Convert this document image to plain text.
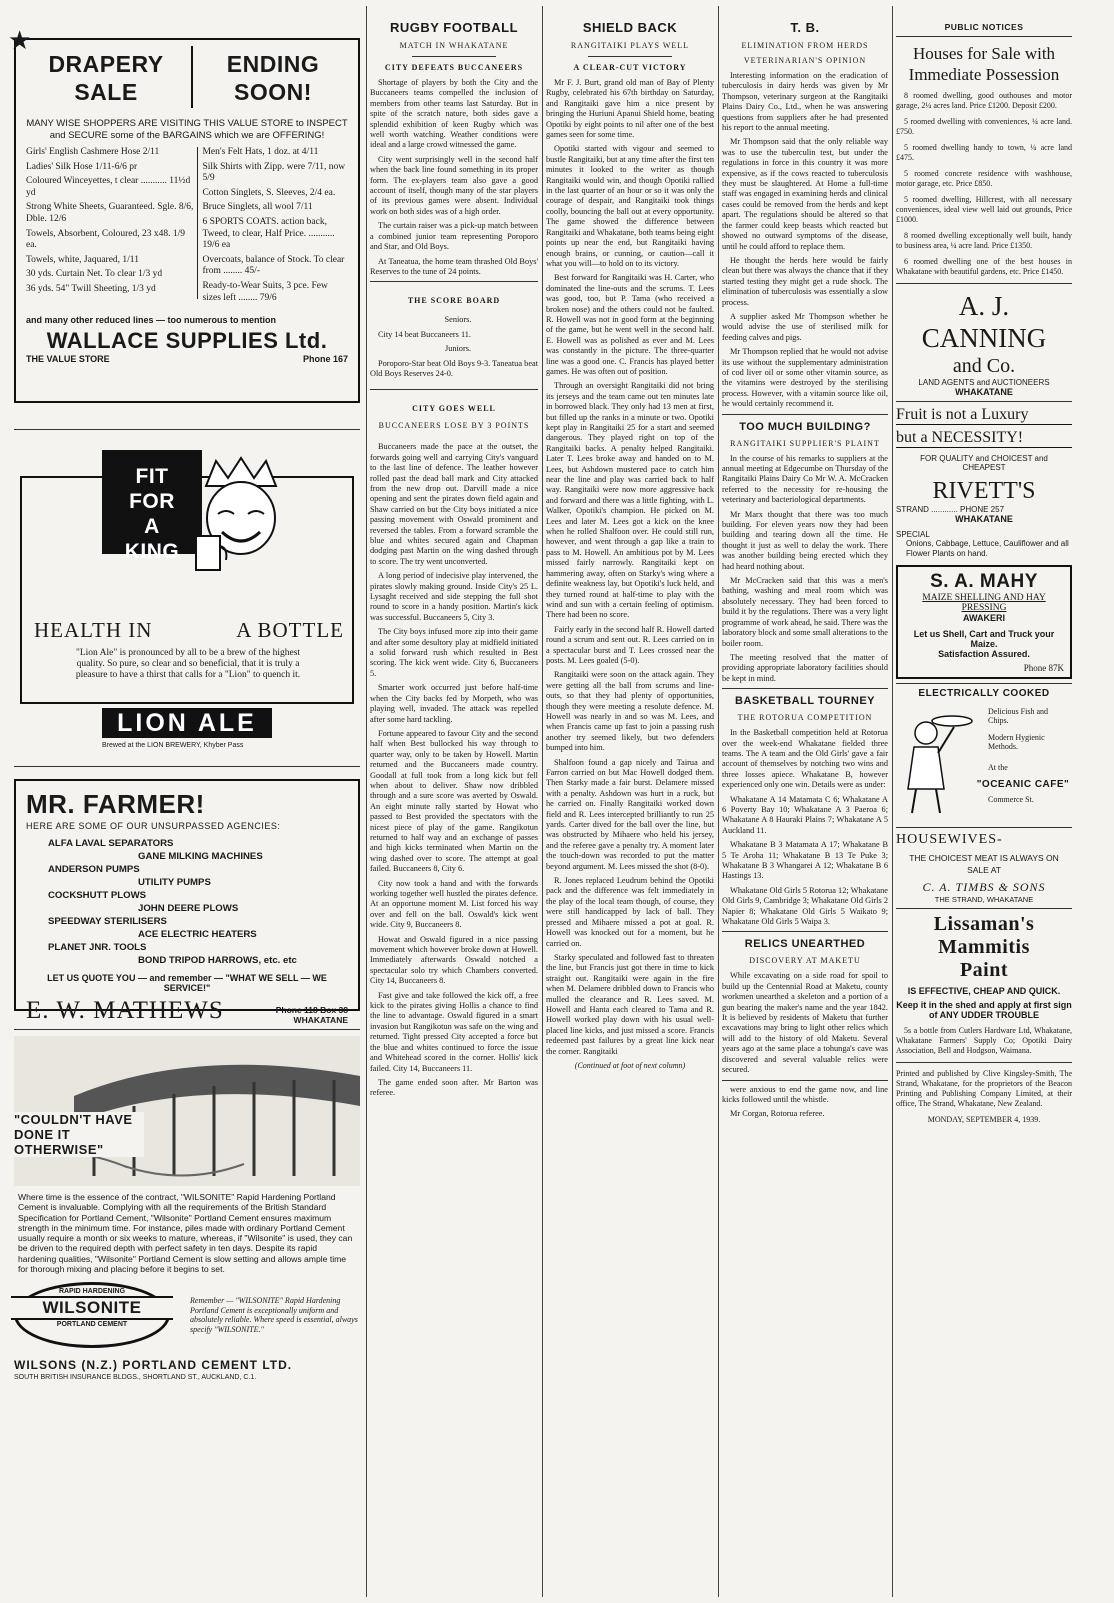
★
DRAPERY SALE
ENDING SOON!
MANY WISE SHOPPERS ARE VISITING THIS VALUE STORE to INSPECT and SECURE some of the BARGAINS which we are OFFERING!
Girls' English Cashmere Hose 2/11
Ladies' Silk Hose 1/11-6/6 pr
Coloured Winceyettes, t clear ........... 11½d yd
Strong White Sheets, Guaranteed. Sgle. 8/6, Dble. 12/6
Towels, Absorbent, Coloured, 23 x48. 1/9 ea.
Towels, white, Jaquared, 1/11
30 yds. Curtain Net. To clear 1/3 yd
36 yds. 54" Twill Sheeting, 1/3 yd
Men's Felt Hats, 1 doz. at 4/11
Silk Shirts with Zipp. were 7/11, now 5/9
Cotton Singlets, S. Sleeves, 2/4 ea.
Bruce Singlets, all wool 7/11
6 SPORTS COATS. action back, Tweed, to clear, Half Price. ........... 19/6 ea
Overcoats, balance of Stock. To clear from ........ 45/-
Ready-to-Wear Suits, 3 pce. Few sizes left ........ 79/6
and many other reduced lines — too numerous to mention
WALLACE SUPPLIES Ltd.
THE VALUE STORE	Phone 167
FIT FOR A KING
HEALTH IN	A BOTTLE
"Lion Ale" is pronounced by all to be a brew of the highest quality. So pure, so clear and so beneficial, that it is truly a pleasure to have a thirst that calls for a "Lion" to quench it.
LION ALE
Brewed at the LION BREWERY, Khyber Pass
MR. FARMER!
HERE ARE SOME OF OUR UNSURPASSED AGENCIES:
ALFA LAVAL SEPARATORS
GANE MILKING MACHINES
ANDERSON PUMPS
UTILITY PUMPS
COCKSHUTT PLOWS
JOHN DEERE PLOWS
SPEEDWAY STERILISERS
ACE ELECTRIC HEATERS
PLANET JNR. TOOLS
BOND TRIPOD HARROWS, etc. etc
LET US QUOTE YOU — and remember — "WHAT WE SELL — WE SERVICE!"
E. W. MATHEWS	Phone 118 Box 38
WHAKATANE
"COULDN'T HAVE DONE IT OTHERWISE"
Where time is the essence of the contract, "WILSONITE" Rapid Hardening Portland Cement is invaluable. Complying with all the requirements of the British Standard Specification for Portland Cement, "Wilsonite" Portland Cement ensures maximum strength in the minimum time. For instance, piles made with ordinary Portland Cement usually require a month or six weeks to mature, whereas, if "Wilsonite" is used, they can be driven to the required depth with perfect safety in ten days. Despite its rapid hardening qualities, "Wilsonite" Portland Cement is slow setting and allows ample time for thorough mixing and placing before it begins to set.
RAPID HARDENING
WILSONITE
PORTLAND CEMENT
Remember — "WILSONITE" Rapid Hardening Portland Cement is exceptionally uniform and absolutely reliable. Where speed is essential, always specify "WILSONITE."
WILSONS (N.Z.) PORTLAND CEMENT LTD.
SOUTH BRITISH INSURANCE BLDGS., SHORTLAND ST., AUCKLAND, C.1.
RUGBY FOOTBALL
MATCH IN WHAKATANE
CITY DEFEATS BUCCANEERS

Shortage of players by both the City and the Buccaneers teams compelled the inclusion of members from other teams last Saturday. But in spite of the scratch nature, both sides gave a splendid exhibition of keen Rugby which was well worth watching. Weather conditions were ideal and a large crowd witnessed the game.

City went surprisingly well in the second half when the back line found something in its proper form. The ex-players team also gave a good account of itself, though many of the star players of its previous games were absent. Individual work on both sides was of a high order.

The curtain raiser was a pick-up match between a combined junior team representing Poroporo and Star, and Old Boys.

At Taneatua, the home team thrashed Old Boys' Reserves to the tune of 24 points.

THE SCORE BOARD

Seniors.

City 14 beat Buccaneers 11.

Juniors.

Poroporo-Star beat Old Boys 9-3. Taneatua beat Old Boys Reserves 24-0.

CITY GOES WELL
BUCCANEERS LOSE BY 3 POINTS

Buccaneers made the pace at the outset, the forwards going well and carrying City's vanguard to the last line of defence. The leather however rolled past the dead ball mark and City attacked from the new drop out. Darvill made a nice opening and sent the pirates down field again and Shaw carried on but the City boys initiated a nice passing movement with Oswald prominent and reversed the tables. From a forward scramble the blue and whites secured again and Chapman dodging past Martin on the wing dashed through to score. The try went unconverted.

A long period of indecisive play intervened, the pirates slowly making ground. Inside City's 25 L. Lysaght received and side stepping the full shot round to score in a handy position. Martin's kick was successful. Buccaneers 5, City 3.

The City boys infused more zip into their game and after some desultory play at midfield initiated a solid forward rush which resulted in Best scoring. The kick went wide. City 6, Buccaneers 5.

Smarter work occurred just before half-time when the City backs fed by Morpeth, who was playing well, invaded. The attack was repelled after some hard tackling.

Fortune appeared to favour City and the second half when Best bullocked his way through to quarter way, only to be taken by Howell. Martin returned and the Buccaneers made country. Goodall at full took from a long kick but fell when about to deliver. Shaw now dribbled through and a sure score was averted by Oswald. An eight minute rally started by Howat who passed to Best provided the spectators with the nicest piece of play of the game. Rangikotun returned to half way and an exchange of passes and high kicks terminated when Martin on the wing dashed over to score. The attempt at goal failed. Buccaneers 8, City 6.

City now took a hand and with the forwards working together well hustled the pirates defence. At an opportune moment M. List forced his way over and fell on the ball. Oswald's kick went wide. City 9, Buccaneers 8.

Howat and Oswald figured in a nice passing movement which however broke down at Howell. Immediately afterwards Oswald notched a spectacular solo try which Chambers converted. City 14, Buccaneers 8.

Fast give and take followed the kick off, a free kick to the pirates giving Hollis a chance to find the line to advantage. Oswald figured in a smart invasion but Rangikotun was safe on the wing and returned. Tight pressed City accepted a force but the blue and whites continued to force the issue and Whitehead scored in the corner. Hollis' kick failed. City 14, Buccaneers 11.

The game ended soon after. Mr Barton was referee.

SHIELD BACK
RANGITAIKI PLAYS WELL
A CLEAR-CUT VICTORY

Mr F. J. Burt, grand old man of Bay of Plenty Rugby, celebrated his 67th birthday on Saturday, and Rangitaiki gave him a nice present by bringing the Huriuni Apanui Shield home, beating Opotiki by eight points to nil after one of the best games seen for some time.

Opotiki started with vigour and seemed to bustle Rangitaiki, but at any time after the first ten minutes it looked to the writer as though Rangitaiki would win, and though Opotiki rallied in the last quarter of an hour or so it was only the courage of despair, and Rangitaiki took things coolly, bouncing the ball out at every opportunity. The game showed the difference between Rangitaiki and Whakatane, both teams being eight points up near the end, but Rangitaiki having enough brains, or cunning, or caution—call it what you will—to hold on to its victory.

Best forward for Rangitaiki was H. Carter, who dominated the line-outs and the scrums. T. Lees was good, too, but P. Tama (who received a broken nose) and the others could not be faulted. R. Howell was not in good form at the beginning of the game, but he went well in the second half. E. Howell was as polished as ever and M. Lees was constantly in the picture. The three-quarter line was a good one. C. Francis has played better games. He was often out of position.

Through an oversight Rangitaiki did not bring its jerseys and the team came out ten minutes late in borrowed black. They only had 13 men at first, but filled up the ranks in a minute or two. Opotiki kept play in Rangitaiki 25 for a start and seemed dangerous. They played right on top of the Rangitaiki backs. A penalty helped Rangitaiki. Later T. Lees broke away and handed on to M. Lees, but Ashdown mustered pace to catch him near the line and play was carried back to half way. Rangitaiki were now more aggressive back and forward and there was a little fighting, with L. Walker, Opotiki's champion. He picked on M. Lees and later M. Lees got a kick on the knee when he rolled Shalfoon over. He could still run, however, and went through a gap like a train to pass to M. Howell. An ambitious pot by M. Lees missed fairly narrowly. Rangitaiki kept on hammering away, often on Starky's wing where a definite weakness lay, but Opotiki's luck held, and they turned round at half-time to play with the wind and sun with a certain feeling of optimism. There had been no score.

Fairly early in the second half R. Howell darted round a scrum and sent out. R. Lees carried on in a spectacular burst and T. Lees crossed near the posts. M. Lees goaled (5-0).

Rangitaiki were soon on the attack again. They were getting all the ball from scrums and line-outs, so that they had plenty of opportunities, though they were meeting a resolute defence. M. Howell was nearly in and so was M. Lees, and when Francis came up fast to join a passing rush another try seemed likely, but two defenders bumped into him.

Shalfoon found a gap nicely and Tairua and Farron carried on but Mac Howell dodged them. Then Starky made a fair burst. Delamere missed with a penalty. Ashdown was hurt in a ruck, but he carried on. Finally Rangitaiki worked down field and R. Lees intercepted brilliantly to run 25 yards. Carter dived for the ball over the line, but was obstructed by Mihaere who held his jersey, and the referee gave a penalty try. A moment later the touch-down was recorded to put the matter beyond argument. M. Lees missed the shot (8-0).

R. Jones replaced Leudrum behind the Opotiki pack and the difference was felt immediately in the play of the local team though, of course, they were still handicapped by lack of ball. They pressed and Mihaere missed a pot at goal. R. Howell was knocked out for a moment, but he carried on.

Starky speculated and followed fast to threaten the line, but Francis just got there in time to kick straight out. Rangitaiki were again in the fire when M. Delamere dribbled down to Francis who mulled the clearance and R. Lees saved. M. Howell and Hanta each cleared to Tama and R. Howell worked play down with his usual well-placed line kicks, and just missed a score. Francis redeemed past failures by a great line kick near the corner. Rangitaiki

(Continued at foot of next column)
T. B.
ELIMINATION FROM HERDS
VETERINARIAN'S OPINION

Interesting information on the eradication of tuberculosis in dairy herds was given by Mr Thompson, veterinary surgeon at the Rangitaiki Plains Dairy Co., Ltd., when he was answering questions from suppliers after he had presented his report to the annual meeting.

Mr Thompson said that the only reliable way was to use the tuberculin test, but under the regulations in force in this country it was more expensive, as if the cows reacted to tuberculosis they must be slaughtered. At Home a full-time staff was engaged in examining herds and clinical cases could be removed from the herds and kept apart. The regulations should be altered so that the farmer could keep beasts which reacted but showed no outward symptoms of the disease, until he could afford to replace them.

He thought the herds here would be fairly clean but there was always the chance that if they started testing they might get a rude shock. The elimination of tuberculosis was essentially a slow process.

A supplier asked Mr Thompson whether he would advise the use of sterilised milk for feeding calves and pigs.

Mr Thompson replied that he would not advise its use without the supplementary administration of cod liver oil or some other vitamin source, as the vitamins were destroyed by the sterilising process. However, with a vitamin source like oil, he would certainly recommend it.

TOO MUCH BUILDING?
RANGITAIKI SUPPLIER'S PLAINT

In the course of his remarks to suppliers at the annual meeting at Edgecumbe on Thursday of the Rangitaiki Plains Dairy Co Mr W. A. McCracken referred to the necessity for re-housing the veterinary and bacteriological departments.

Mr Marx thought that there was too much building. For eleven years now they had been building and tearing down all the time. He thought it just as well to delay the work. There was another building being erected which they had heard nothing about.

Mr McCracken said that this was a men's bathing, washing and meal room which was absolutely necessary. They had been forced to build it by the regulations. There was a very light programme of work ahead, he said. There was the laboratory block and some small alterations to the boiler room.

The meeting resolved that the matter of providing appropriate laboratory facilities should be kept in mind.

BASKETBALL TOURNEY
THE ROTORUA COMPETITION

In the Basketball competition held at Rotorua over the week-end Whakatane fielded three teams. The A team and the Old Girls' gave a fair account of themselves by notching two wins and three losses apiece. Whakatane B, however experienced only one win. Details were as under:

Whakatane A 14 Matamata C 6; Whakatane A 6 Poverty Bay 10; Whakatane A 3 Paeroa 6; Whakatane A 8 Hauraki Plains 7; Whakatane A 5 Auckland 11.

Whakatane B 3 Matamata A 17; Whakatane B 5 Te Aroha 11; Whakatane B 13 Te Puke 3; Whakatane B 3 Whangarei A 12; Whakatane B 6 Hastings 13.

Whakatane Old Girls 5 Rotorua 12; Whakatane Old Girls 9, Cambridge 3; Whakatane Old Girls 2 Napier 8; Whakatane Old Girls 5 Waikato 9; Whakatane Old Girls 5 Waipa 3.

RELICS UNEARTHED
DISCOVERY AT MAKETU

While excavating on a side road for spoil to build up the Centennial Road at Maketu, county workmen unearthed a skeleton and a portion of a gun bearing the maker's name and the year 1842. It is believed by residents of Maketu that further excavations may bring to light other relics which will add to the history of old Maketu. Several years ago at the same place a tohunga's cave was discovered and several valuable relics were secured.

were anxious to end the game now, and line kicks followed until the whistle.

Mr Corgan, Rotorua referee.

PUBLIC NOTICES
Houses for Sale with Immediate Possession
8 roomed dwelling, good outhouses and motor garage, 2¼ acres land. Price £1200. Deposit £200.
5 roomed dwelling with conveniences, ¼ acre land. £750.
5 roomed dwelling handy to town, ¼ acre land £475.
5 roomed concrete residence with washhouse, motor garage, etc. Price £850.
5 roomed dwelling, Hillcrest, with all necessary conveniences, ideal view well laid out grounds, Price £1000.
8 roomed dwelling exceptionally well built, handy to business area, ¼ acre land. Price £1350.
6 roomed dwelling one of the best houses in Whakatane with beautiful gardens, etc. Price £1450.
A. J. CANNING
and Co.
LAND AGENTS and AUCTIONEERS
WHAKATANE
Fruit is not a Luxury
but a NECESSITY!
FOR QUALITY and CHOICEST and CHEAPEST
RIVETT'S
STRAND ............ PHONE 257
WHAKATANE
SPECIAL
Onions, Cabbage, Lettuce, Cauliflower and all Flower Plants on hand.
S. A. MAHY
MAIZE SHELLING AND HAY PRESSING
AWAKERI
Let us Shell, Cart and Truck your Maize.
Satisfaction Assured.
Phone 87K
ELECTRICALLY COOKED
Delicious Fish and Chips.
Modern Hygienic Methods.
At the
"OCEANIC CAFE"
Commerce St.
HOUSEWIVES-
THE CHOICEST MEAT IS ALWAYS ON SALE AT
C. A. TIMBS & SONS
THE STRAND, WHAKATANE
Lissaman's
Mammitis
Paint
IS EFFECTIVE, CHEAP AND QUICK.
Keep it in the shed and apply at first sign of ANY UDDER TROUBLE
5s a bottle from Cutlers Hardware Ltd, Whakatane, Whakatane Farmers' Supply Co; Opotiki Dairy Association, Bell and Hodgson, Waimana.
Printed and published by Clive Kingsley-Smith, The Strand, Whakatane, for the proprietors of the Beacon Printing and Publishing Company Limited, at their office, The Strand, Whakatane, New Zealand.
MONDAY, SEPTEMBER 4, 1939.
